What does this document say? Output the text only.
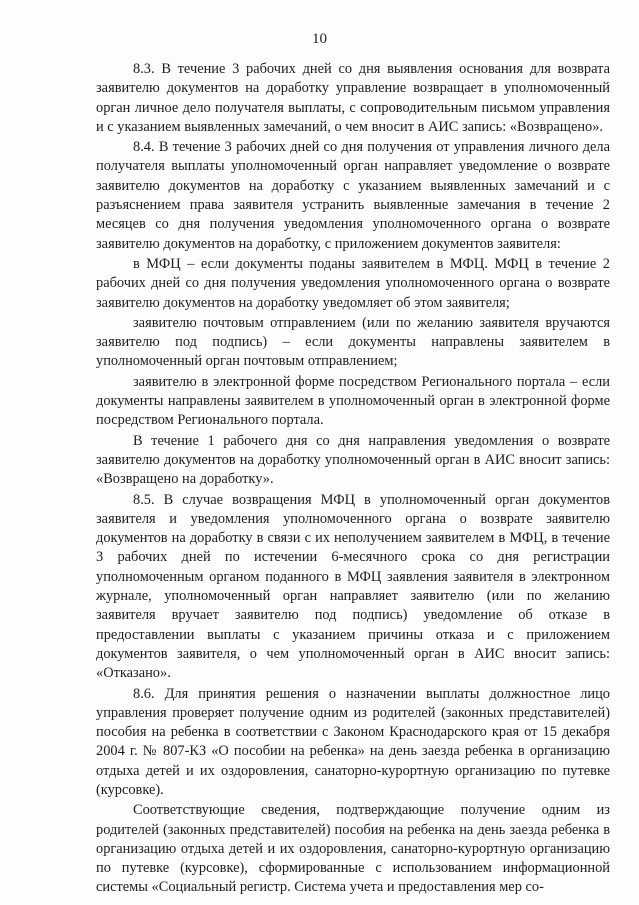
10

8.3. В течение 3 рабочих дней со дня выявления основания для возврата заявителю документов на доработку управление возвращает в уполномоченный орган личное дело получателя выплаты, с сопроводительным письмом управления и с указанием выявленных замечаний, о чем вносит в АИС запись: «Возвращено».

8.4. В течение 3 рабочих дней со дня получения от управления личного дела получателя выплаты уполномоченный орган направляет уведомление о возврате заявителю документов на доработку с указанием выявленных замечаний и с разъяснением права заявителя устранить выявленные замечания в течение 2 месяцев со дня получения уведомления уполномоченного органа о возврате заявителю документов на доработку, с приложением документов заявителя:

в МФЦ – если документы поданы заявителем в МФЦ. МФЦ в течение 2 рабочих дней со дня получения уведомления уполномоченного органа о возврате заявителю документов на доработку уведомляет об этом заявителя;

заявителю почтовым отправлением (или по желанию заявителя вручаются заявителю под подпись) – если документы направлены заявителем в уполномоченный орган почтовым отправлением;

заявителю в электронной форме посредством Регионального портала – если документы направлены заявителем в уполномоченный орган в электронной форме посредством Регионального портала.

В течение 1 рабочего дня со дня направления уведомления о возврате заявителю документов на доработку уполномоченный орган в АИС вносит запись: «Возвращено на доработку».

8.5. В случае возвращения МФЦ в уполномоченный орган документов заявителя и уведомления уполномоченного органа о возврате заявителю документов на доработку в связи с их неполучением заявителем в МФЦ, в течение 3 рабочих дней по истечении 6-месячного срока со дня регистрации уполномоченным органом поданного в МФЦ заявления заявителя в электронном журнале, уполномоченный орган направляет заявителю (или по желанию заявителя вручает заявителю под подпись) уведомление об отказе в предоставлении выплаты с указанием причины отказа и с приложением документов заявителя, о чем уполномоченный орган в АИС вносит запись: «Отказано».

8.6. Для принятия решения о назначении выплаты должностное лицо управления проверяет получение одним из родителей (законных представителей) пособия на ребенка в соответствии с Законом Краснодарского края от 15 декабря 2004 г. № 807-КЗ «О пособии на ребенка» на день заезда ребенка в организацию отдыха детей и их оздоровления, санаторно-курортную организацию по путевке (курсовке).

Соответствующие сведения, подтверждающие получение одним из родителей (законных представителей) пособия на ребенка на день заезда ребенка в организацию отдыха детей и их оздоровления, санаторно-курортную организацию по путевке (курсовке), сформированные с использованием информационной системы «Социальный регистр. Система учета и предоставления мер со-
